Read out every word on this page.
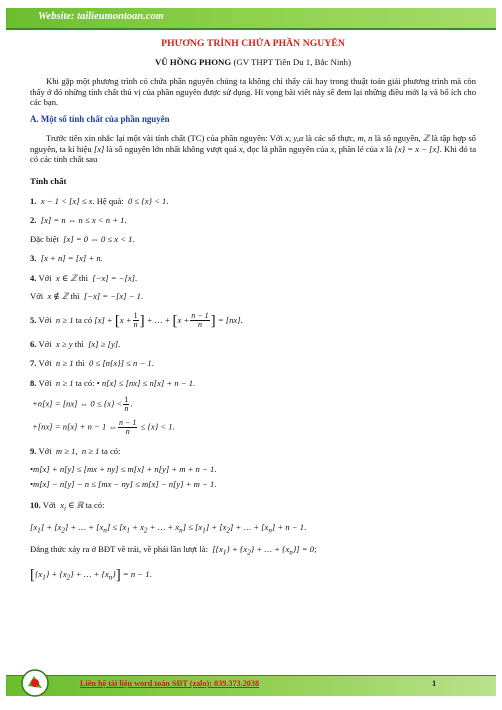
Website: tailieumontoan.com

PHƯƠNG TRÌNH CHỨA PHẦN NGUYÊN

VŨ HỒNG PHONG (GV THPT Tiên Du 1, Bắc Ninh)

Khi gặp một phương trình có chứa phần nguyên chúng ta không chỉ thấy cái hay trong thuật toán giải phương trình mà còn thấy ở đó những tính chất thú vị của phần nguyên được sử dụng. Hi vọng bài viết này sẽ đem lại những điều mới lạ và bổ ích cho các bạn.

A. Một số tính chất của phần nguyên

Trước tiên xin nhắc lại một vài tính chất (TC) của phần nguyên: Với x, y,α là các số thực, m, n là số nguyên, ℤ là tập hợp số nguyên, ta kí hiệu [x] là số nguyên lớn nhất không vượt quá x, đọc là phần nguyên của x, phần lẻ của x là {x} = x − [x]. Khi đó ta có các tính chất sau

Tính chất

1. x − 1 < [x] ≤ x. Hệ quả: 0 ≤ {x} < 1.
2. [x] = n ⇔ n ≤ x < n + 1.
Đặc biệt [x] = 0 ⇔ 0 ≤ x < 1.
3. [x + n] = [x] + n.
4. Với x ∈ ℤ thì [−x] = −[x].
Với x ∉ ℤ thì [−x] = −[x] − 1.
5. Với n ≥ 1 ta có $[x] + [x + \frac{1}{n}$ ] + … + [$x + \frac{n - 1}{n}$ ] = [nx].
6. Với x ≥ y thì [x] ≥ [y].
7. Với n ≥ 1 thì 0 ≤ [n{x}] ≤ n − 1.
8. Với n ≥ 1 ta có: • n[x] ≤ [nx] ≤ n[x] + n − 1.
+n[x] = [nx] ⇔ $0 \le \{x\} < \frac{1}{n}$ .
+[nx] = n[x] + n − 1 ⇔ $\frac{n - 1}{n} \le \{x\} < 1$.
9. Với m ≥ 1,  n ≥ 1 ta có:
•m[x] + n[y] ≤ [mx + ny] ≤ m[x] + n[y] + m + n − 1.
•m[x] − n[y] − n ≤ [mx − ny] ≤ m[x] − n[y] + m − 1.
10. Với $x_i$ ∈ ℝ ta có:
$[x_1] + [x_2]$ + … + $[x_n] \le [x_1 + x_2$ + … + $x_n] \le [x_1] + [x_2]$ + … + $[x_n] + n - 1$.
Đẳng thức xảy ra ở BĐT về trái, về phải lần lượt là: [$\{x_1\} + \{x_2\}$ + … + $\{x_n\}] = 0$;
[$\{x_1\} + \{x_2\}$ + … + $\{x_n\}] = n - 1$.
Liên hệ tài liệu word toán SĐT (zalo): 039.373.2038	1
